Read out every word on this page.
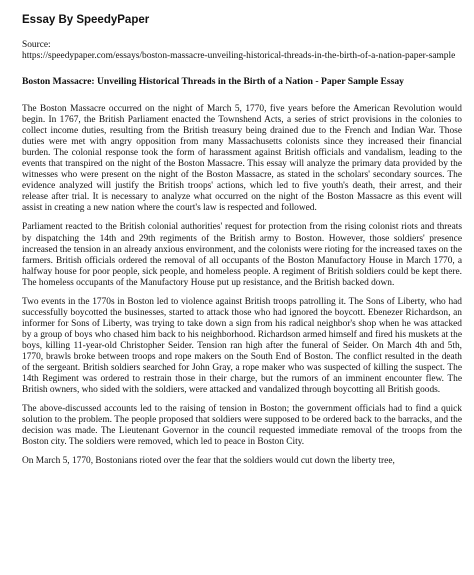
Essay By SpeedyPaper
Source:
https://speedypaper.com/essays/boston-massacre-unveiling-historical-threads-in-the-birth-of-a-nation-paper-sample
Boston Massacre: Unveiling Historical Threads in the Birth of a Nation - Paper Sample Essay

The Boston Massacre occurred on the night of March 5, 1770, five years before the American Revolution would begin. In 1767, the British Parliament enacted the Townshend Acts, a series of strict provisions in the colonies to collect income duties, resulting from the British treasury being drained due to the French and Indian War. Those duties were met with angry opposition from many Massachusetts colonists since they increased their financial burden. The colonial response took the form of harassment against British officials and vandalism, leading to the events that transpired on the night of the Boston Massacre. This essay will analyze the primary data provided by the witnesses who were present on the night of the Boston Massacre, as stated in the scholars' secondary sources. The evidence analyzed will justify the British troops' actions, which led to five youth's death, their arrest, and their release after trial. It is necessary to analyze what occurred on the night of the Boston Massacre as this event will assist in creating a new nation where the court's law is respected and followed.

Parliament reacted to the British colonial authorities' request for protection from the rising colonist riots and threats by dispatching the 14th and 29th regiments of the British army to Boston. However, those soldiers' presence increased the tension in an already anxious environment, and the colonists were rioting for the increased taxes on the farmers. British officials ordered the removal of all occupants of the Boston Manufactory House in March 1770, a halfway house for poor people, sick people, and homeless people. A regiment of British soldiers could be kept there. The homeless occupants of the Manufactory House put up resistance, and the British backed down.

Two events in the 1770s in Boston led to violence against British troops patrolling it. The Sons of Liberty, who had successfully boycotted the businesses, started to attack those who had ignored the boycott. Ebenezer Richardson, an informer for Sons of Liberty, was trying to take down a sign from his radical neighbor's shop when he was attacked by a group of boys who chased him back to his neighborhood. Richardson armed himself and fired his muskets at the boys, killing 11-year-old Christopher Seider. Tension ran high after the funeral of Seider. On March 4th and 5th, 1770, brawls broke between troops and rope makers on the South End of Boston. The conflict resulted in the death of the sergeant. British soldiers searched for John Gray, a rope maker who was suspected of killing the suspect. The 14th Regiment was ordered to restrain those in their charge, but the rumors of an imminent encounter flew. The British owners, who sided with the soldiers, were attacked and vandalized through boycotting all British goods.

The above-discussed accounts led to the raising of tension in Boston; the government officials had to find a quick solution to the problem. The people proposed that soldiers were supposed to be ordered back to the barracks, and the decision was made. The Lieutenant Governor in the council requested immediate removal of the troops from the Boston city. The soldiers were removed, which led to peace in Boston City.

On March 5, 1770, Bostonians rioted over the fear that the soldiers would cut down the liberty tree,
